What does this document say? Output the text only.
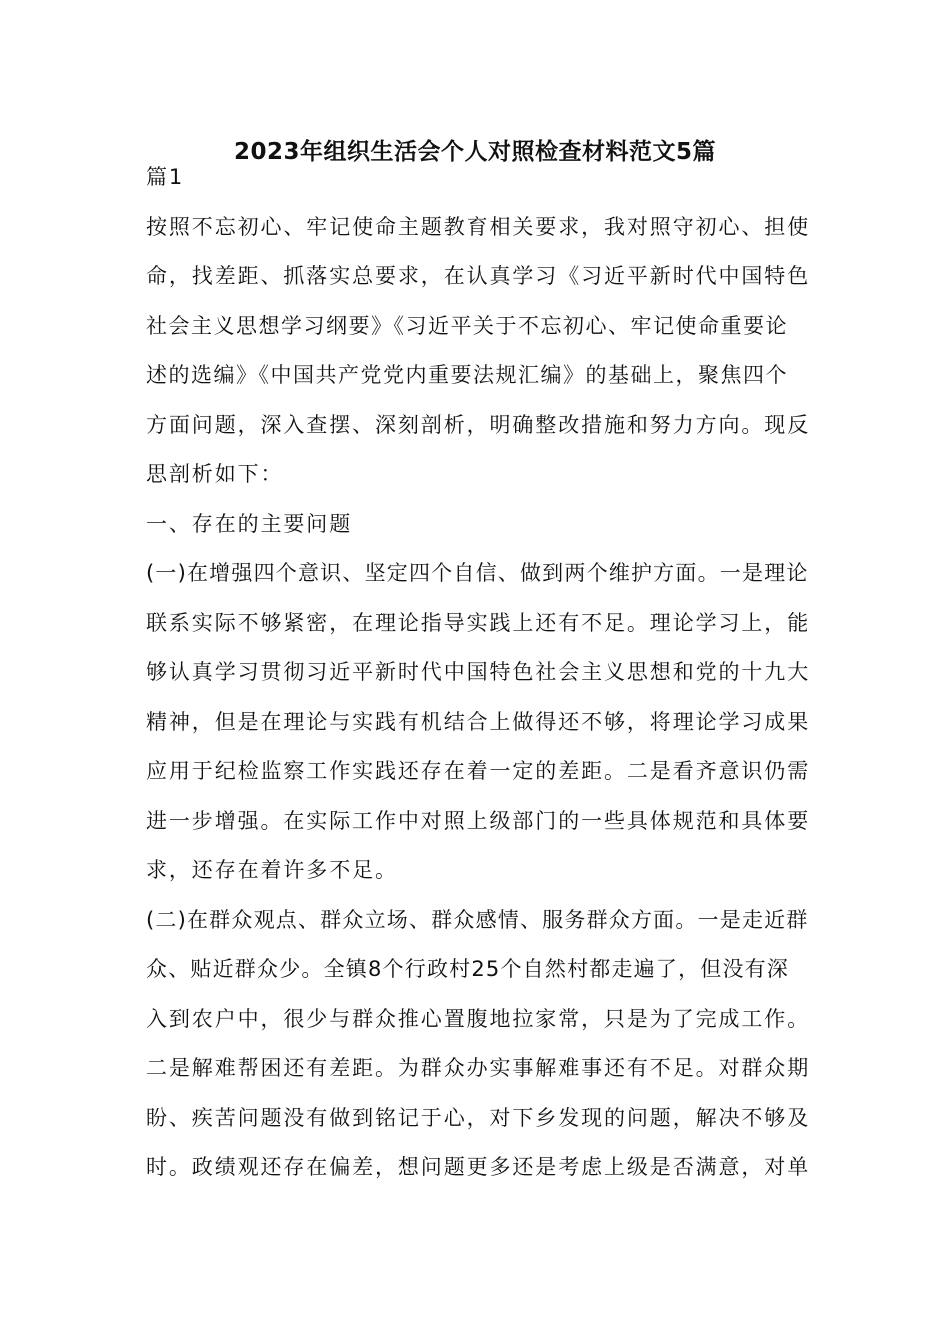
2023年组织生活会个人对照检查材料范文5篇
篇1
按照不忘初心、牢记使命主题教育相关要求，我对照守初心、担使
命，找差距、抓落实总要求，在认真学习《习近平新时代中国特色
社会主义思想学习纲要》《习近平关于不忘初心、牢记使命重要论
述的选编》《中国共产党党内重要法规汇编》的基础上，聚焦四个
方面问题，深入查摆、深刻剖析，明确整改措施和努力方向。现反
思剖析如下：
一、存在的主要问题
(一)在增强四个意识、坚定四个自信、做到两个维护方面。一是理论
联系实际不够紧密，在理论指导实践上还有不足。理论学习上，能
够认真学习贯彻习近平新时代中国特色社会主义思想和党的十九大
精神，但是在理论与实践有机结合上做得还不够，将理论学习成果
应用于纪检监察工作实践还存在着一定的差距。二是看齐意识仍需
进一步增强。在实际工作中对照上级部门的一些具体规范和具体要
求，还存在着许多不足。
(二)在群众观点、群众立场、群众感情、服务群众方面。一是走近群
众、贴近群众少。全镇8个行政村25个自然村都走遍了，但没有深
入到农户中，很少与群众推心置腹地拉家常，只是为了完成工作。
二是解难帮困还有差距。为群众办实事解难事还有不足。对群众期
盼、疾苦问题没有做到铭记于心，对下乡发现的问题，解决不够及
时。政绩观还存在偏差，想问题更多还是考虑上级是否满意，对单
